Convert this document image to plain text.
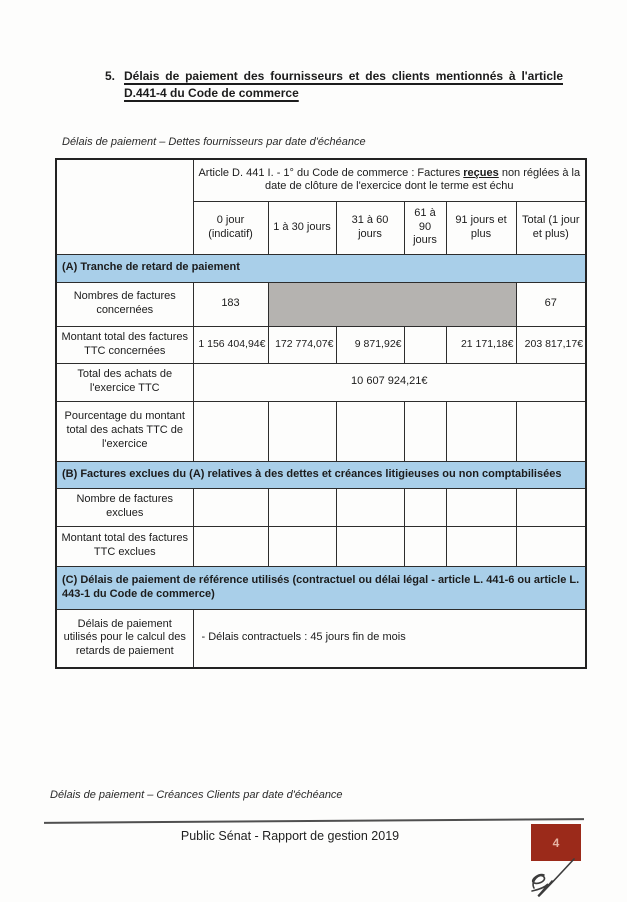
5. Délais de paiement des fournisseurs et des clients mentionnés à l'article D.441-4 du Code de commerce
Délais de paiement – Dettes fournisseurs par date d'échéance
	Article D. 441 I. - 1° du Code de commerce : Factures reçues non réglées à la date de clôture de l'exercice dont le terme est échu					
	0 jour (indicatif)	1 à 30 jours	31 à 60 jours	61 à 90 jours	91 jours et plus	Total (1 jour et plus)
(A) Tranche de retard de paiement						
Nombres de factures concernées	183					67
Montant total des factures TTC concernées	1 156 404,94€	172 774,07€	9 871,92€		21 171,18€	203 817,17€
Total des achats de l'exercice TTC	10 607 924,21€					
Pourcentage du montant total des achats TTC de l'exercice						
(B) Factures exclues du (A) relatives à des dettes et créances litigieuses ou non comptabilisées						
Nombre de factures exclues						
Montant total des factures TTC exclues						
(C) Délais de paiement de référence utilisés (contractuel ou délai légal - article L. 441-6 ou article L. 443-1 du Code de commerce)						
Délais de paiement utilisés pour le calcul des retards de paiement	- Délais contractuels : 45 jours fin de mois					
Délais de paiement – Créances Clients par date d'échéance
Public Sénat - Rapport de gestion 2019	4
